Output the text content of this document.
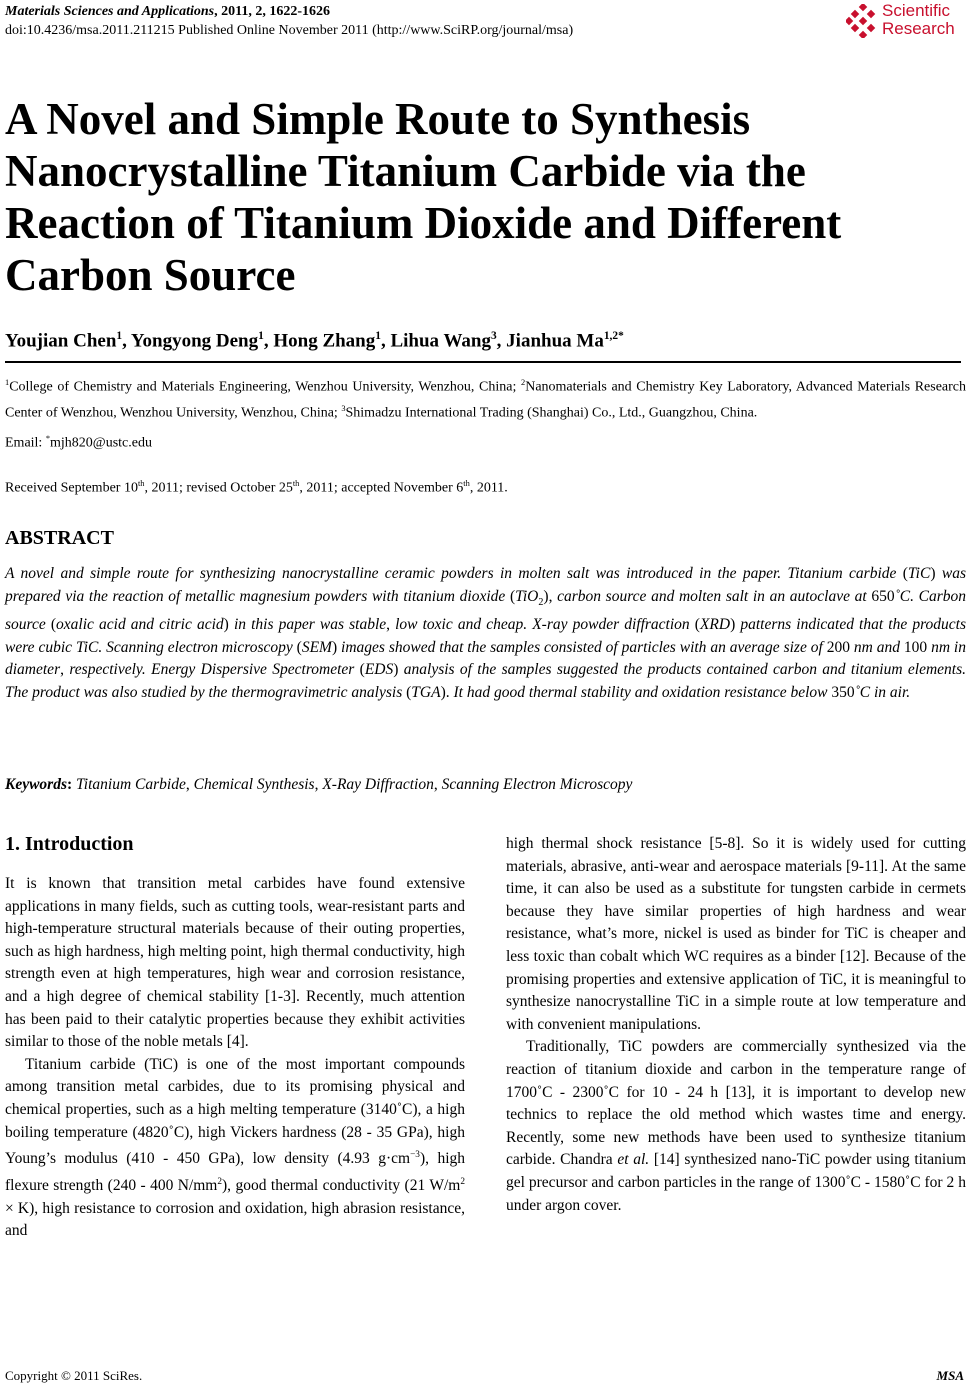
Materials Sciences and Applications, 2011, 2, 1622-1626
doi:10.4236/msa.2011.211215 Published Online November 2011 (http://www.SciRP.org/journal/msa)
Scientific
Research
A Novel and Simple Route to Synthesis Nanocrystalline Titanium Carbide via the Reaction of Titanium Dioxide and Different Carbon Source
Youjian Chen$^1$, Yongyong Deng$^1$, Hong Zhang$^1$, Lihua Wang$^3$, Jianhua $Ma^{1,2*}$
$^1$College of Chemistry and Materials Engineering, Wenzhou University, Wenzhou, China; $^2$Nanomaterials and Chemistry Key Laboratory, Advanced Materials Research Center of Wenzhou, Wenzhou University, Wenzhou, China; $^3$Shimadzu International Trading (Shanghai) Co., Ltd., Guangzhou, China.
Email: *mjh820@ustc.edu
Received September 10th, 2011; revised October 25th, 2011; accepted November 6th, 2011.
ABSTRACT
A novel and simple route for synthesizing nanocrystalline ceramic powders in molten salt was introduced in the paper. Titanium carbide (TiC) was prepared via the reaction of metallic magnesium powders with titanium dioxide (TiO$_2$), carbon source and molten salt in an autoclave at 650˚C. Carbon source (oxalic acid and citric acid) in this paper was stable, low toxic and cheap. X-ray powder diffraction (XRD) patterns indicated that the products were cubic TiC. Scanning electron microscopy (SEM) images showed that the samples consisted of particles with an average size of 200 nm and 100 nm in diameter, respectively. Energy Dispersive Spectrometer (EDS) analysis of the samples suggested the products contained carbon and titanium elements. The product was also studied by the thermogravimetric analysis (TGA). It had good thermal stability and oxidation resistance below 350˚C in air.
Keywords: Titanium Carbide, Chemical Synthesis, X-Ray Diffraction, Scanning Electron Microscopy
1. Introduction

It is known that transition metal carbides have found extensive applications in many fields, such as cutting tools, wear-resistant parts and high-temperature structural materials because of their outing properties, such as high hardness, high melting point, high thermal conductivity, high strength even at high temperatures, high wear and corrosion resistance, and a high degree of chemical stability [1-3]. Recently, much attention has been paid to their catalytic properties because they exhibit activities similar to those of the noble metals [4].

Titanium carbide (TiC) is one of the most important compounds among transition metal carbides, due to its promising physical and chemical properties, such as a high melting temperature (3140˚C), a high boiling temperature (4820˚C), high Vickers hardness (28 - 35 GPa), high Young’s modulus (410 - 450 GPa), low density (4.93 $g\cdot cm^{-3}$), high flexure strength (240 - 400 $N/mm^2$), good thermal conductivity (21 $W/m^2 \times K$), high resistance to corrosion and oxidation, high abrasion resistance, and

high thermal shock resistance [5-8]. So it is widely used for cutting materials, abrasive, anti-wear and aerospace materials [9-11]. At the same time, it can also be used as a substitute for tungsten carbide in cermets because they have similar properties of high hardness and wear resistance, what’s more, nickel is used as binder for TiC is cheaper and less toxic than cobalt which WC requires as a binder [12]. Because of the promising properties and extensive application of TiC, it is meaningful to synthesize nanocrystalline TiC in a simple route at low temperature and with convenient manipulations.

Traditionally, TiC powders are commercially synthesized via the reaction of titanium dioxide and carbon in the temperature range of 1700˚C - 2300˚C for 10 - 24 h [13], it is important to develop new technics to replace the old method which wastes time and energy. Recently, some new methods have been used to synthesize titanium carbide. Chandra et al. [14] synthesized nano-TiC powder using titanium gel precursor and carbon particles in the range of 1300˚C - 1580˚C for 2 h under argon cover.

Copyright © 2011 SciRes.	MSA
